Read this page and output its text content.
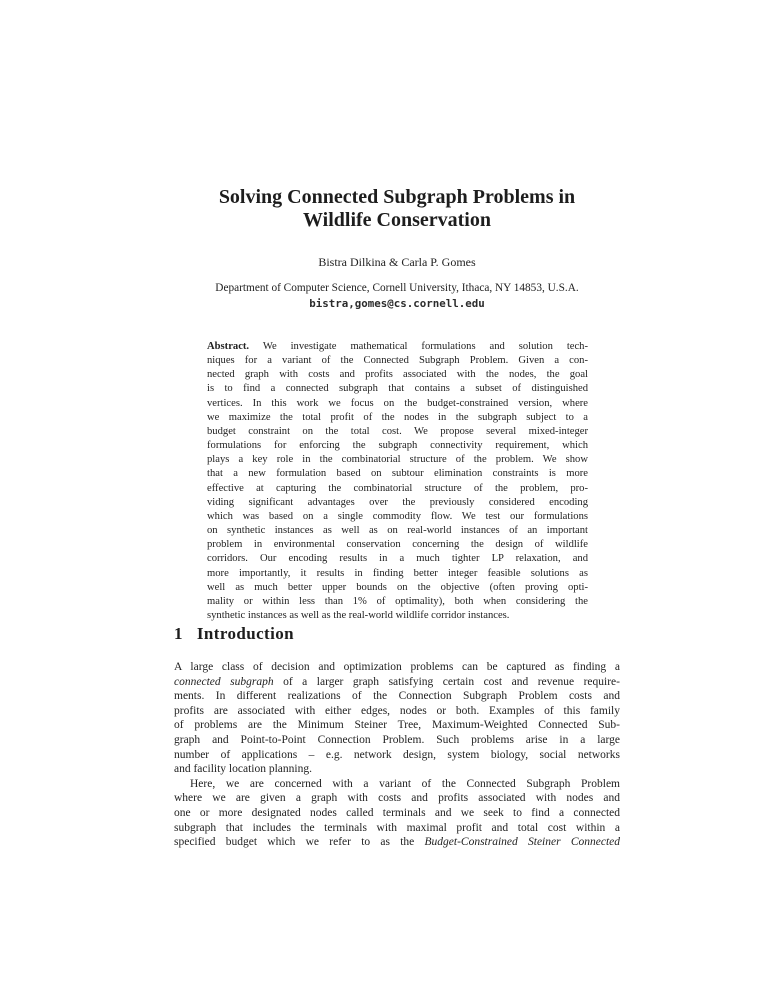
Solving Connected Subgraph Problems in
Wildlife Conservation
Bistra Dilkina & Carla P. Gomes
Department of Computer Science, Cornell University, Ithaca, NY 14853, U.S.A.
bistra,gomes@cs.cornell.edu
Abstract. We investigate mathematical formulations and solution tech-
niques for a variant of the Connected Subgraph Problem. Given a con-
nected graph with costs and profits associated with the nodes, the goal
is to find a connected subgraph that contains a subset of distinguished
vertices. In this work we focus on the budget-constrained version, where
we maximize the total profit of the nodes in the subgraph subject to a
budget constraint on the total cost. We propose several mixed-integer
formulations for enforcing the subgraph connectivity requirement, which
plays a key role in the combinatorial structure of the problem. We show
that a new formulation based on subtour elimination constraints is more
effective at capturing the combinatorial structure of the problem, pro-
viding significant advantages over the previously considered encoding
which was based on a single commodity flow. We test our formulations
on synthetic instances as well as on real-world instances of an important
problem in environmental conservation concerning the design of wildlife
corridors. Our encoding results in a much tighter LP relaxation, and
more importantly, it results in finding better integer feasible solutions as
well as much better upper bounds on the objective (often proving opti-
mality or within less than 1% of optimality), both when considering the
synthetic instances as well as the real-world wildlife corridor instances.
1 Introduction
A large class of decision and optimization problems can be captured as finding a
connected subgraph of a larger graph satisfying certain cost and revenue require-
ments. In different realizations of the Connection Subgraph Problem costs and
profits are associated with either edges, nodes or both. Examples of this family
of problems are the Minimum Steiner Tree, Maximum-Weighted Connected Sub-
graph and Point-to-Point Connection Problem. Such problems arise in a large
number of applications – e.g. network design, system biology, social networks
and facility location planning.
Here, we are concerned with a variant of the Connected Subgraph Problem
where we are given a graph with costs and profits associated with nodes and
one or more designated nodes called terminals and we seek to find a connected
subgraph that includes the terminals with maximal profit and total cost within a
specified budget which we refer to as the Budget-Constrained Steiner Connected
